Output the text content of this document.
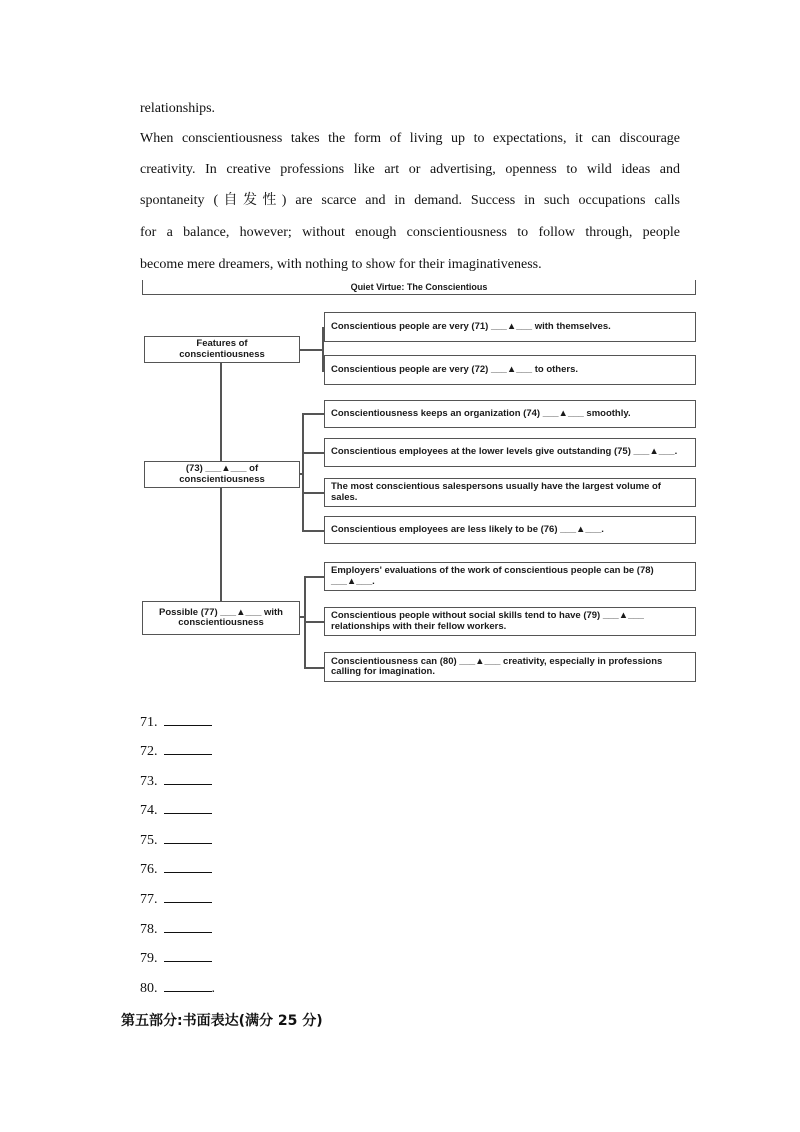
relationships.

When conscientiousness takes the form of living up to expectations, it can discourage

creativity. In creative professions like art or advertising, openness to wild ideas and

spontaneity (自发性) are scarce and in demand. Success in such occupations calls

for a balance, however; without enough conscientiousness to follow through, people

become mere dreamers, with nothing to show for their imaginativeness.

Quiet Virtue: The Conscientious
Features of
conscientiousness
(73) ___▲___ of
conscientiousness
Possible (77) ___▲___ with
conscientiousness
Conscientious people are very (71) ___▲___ with themselves.
Conscientious people are very (72) ___▲___ to others.
Conscientiousness keeps an organization (74) ___▲___ smoothly.
Conscientious employees at the lower levels give outstanding (75) ___▲___.
The most conscientious salespersons usually have the largest volume of sales.
Conscientious employees are less likely to be (76) ___▲___.
Employers' evaluations of the work of conscientious people can be (78) ___▲___.
Conscientious people without social skills tend to have (79) ___▲___ relationships with their fellow workers.
Conscientiousness can (80) ___▲___ creativity, especially in professions calling for imagination.
71.
72.
73.
74.
75.
76.
77.
78.
79.
80.	.
第五部分:书面表达(满分 25 分)
